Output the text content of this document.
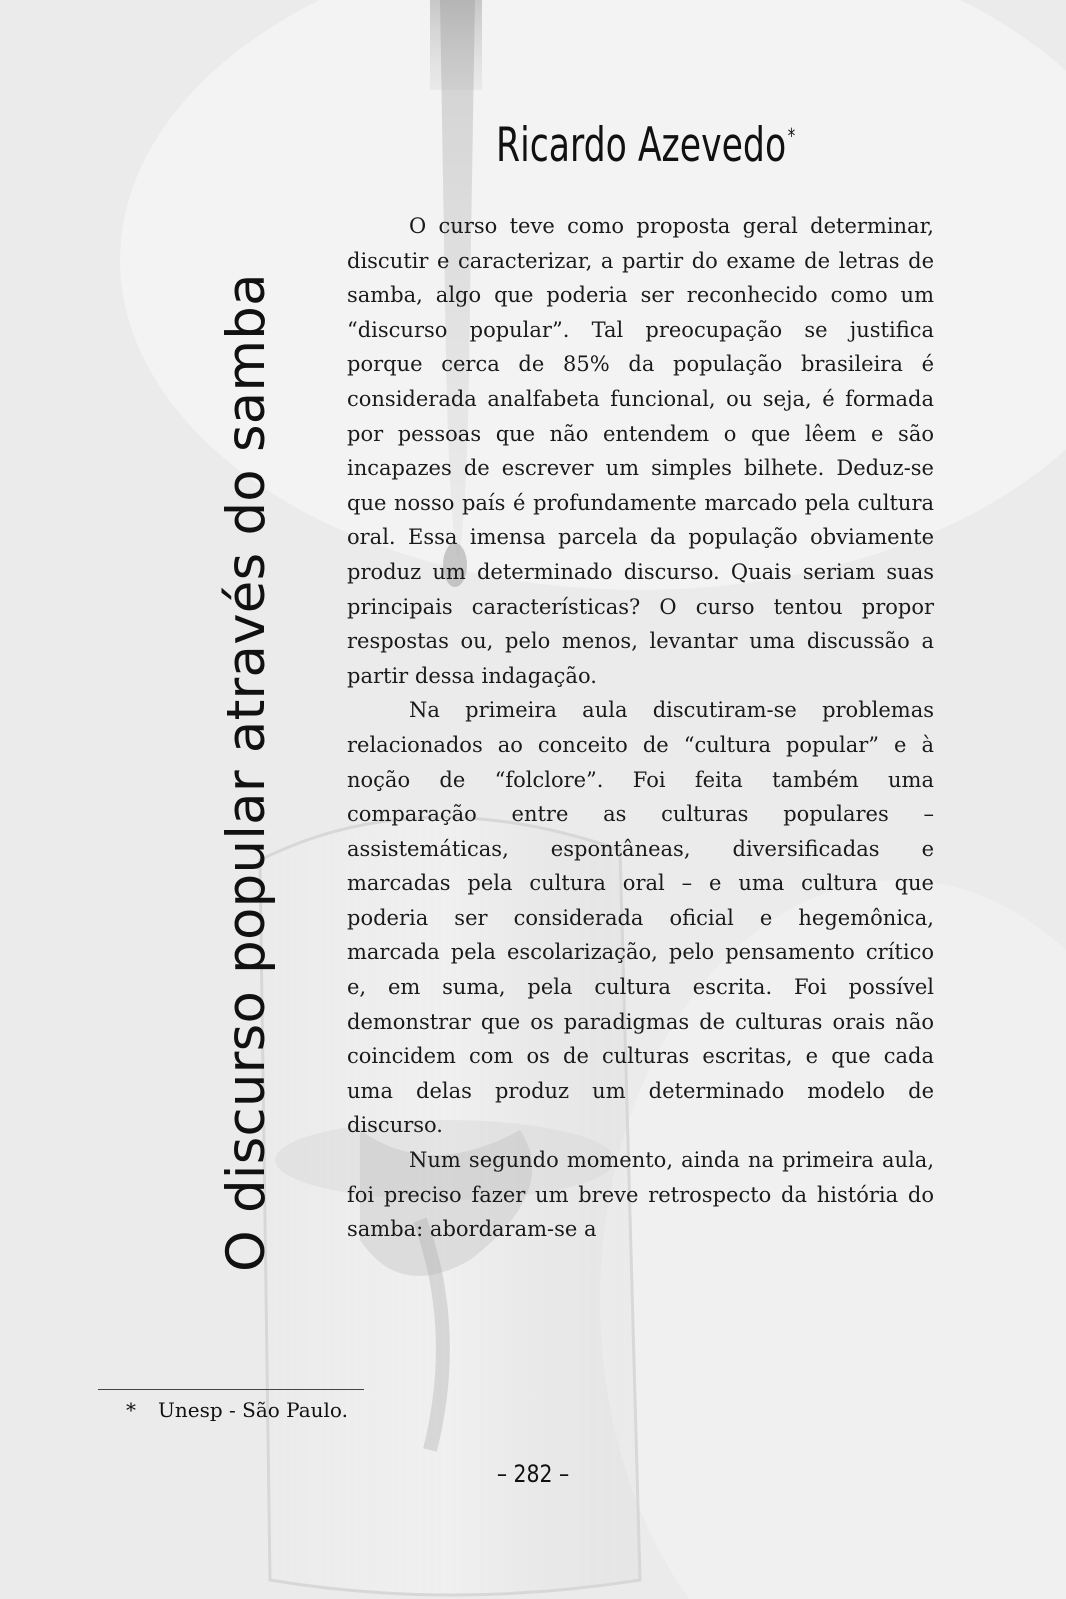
Ricardo Azevedo*
O discurso popular através do samba

O curso teve como proposta geral determinar, discutir e caracterizar, a partir do exame de letras de samba, algo que poderia ser reconhecido como um “discurso popular”. Tal preocupação se justifica porque cerca de 85% da população brasileira é considerada analfabeta funcional, ou seja, é formada por pessoas que não entendem o que lêem e são incapazes de escrever um simples bilhete. Deduz-se que nosso país é profundamente marcado pela cultura oral. Essa imensa parcela da população obviamente produz um determinado discurso. Quais seriam suas principais características? O curso tentou propor respostas ou, pelo menos, levantar uma discussão a partir dessa indagação.

Na primeira aula discutiram-se problemas relacionados ao conceito de “cultura popular” e à noção de “folclore”. Foi feita também uma comparação entre as culturas populares – assistemáticas, espontâneas, diversificadas e marcadas pela cultura oral – e uma cultura que poderia ser considerada oficial e hegemônica, marcada pela escolarização, pelo pensamento crítico e, em suma, pela cultura escrita. Foi possível demonstrar que os paradigmas de culturas orais não coincidem com os de culturas escritas, e que cada uma delas produz um determinado modelo de discurso.

Num segundo momento, ainda na primeira aula, foi preciso fazer um breve retrospecto da história do samba: abordaram-se a

* Unesp - São Paulo.
– 282 –
